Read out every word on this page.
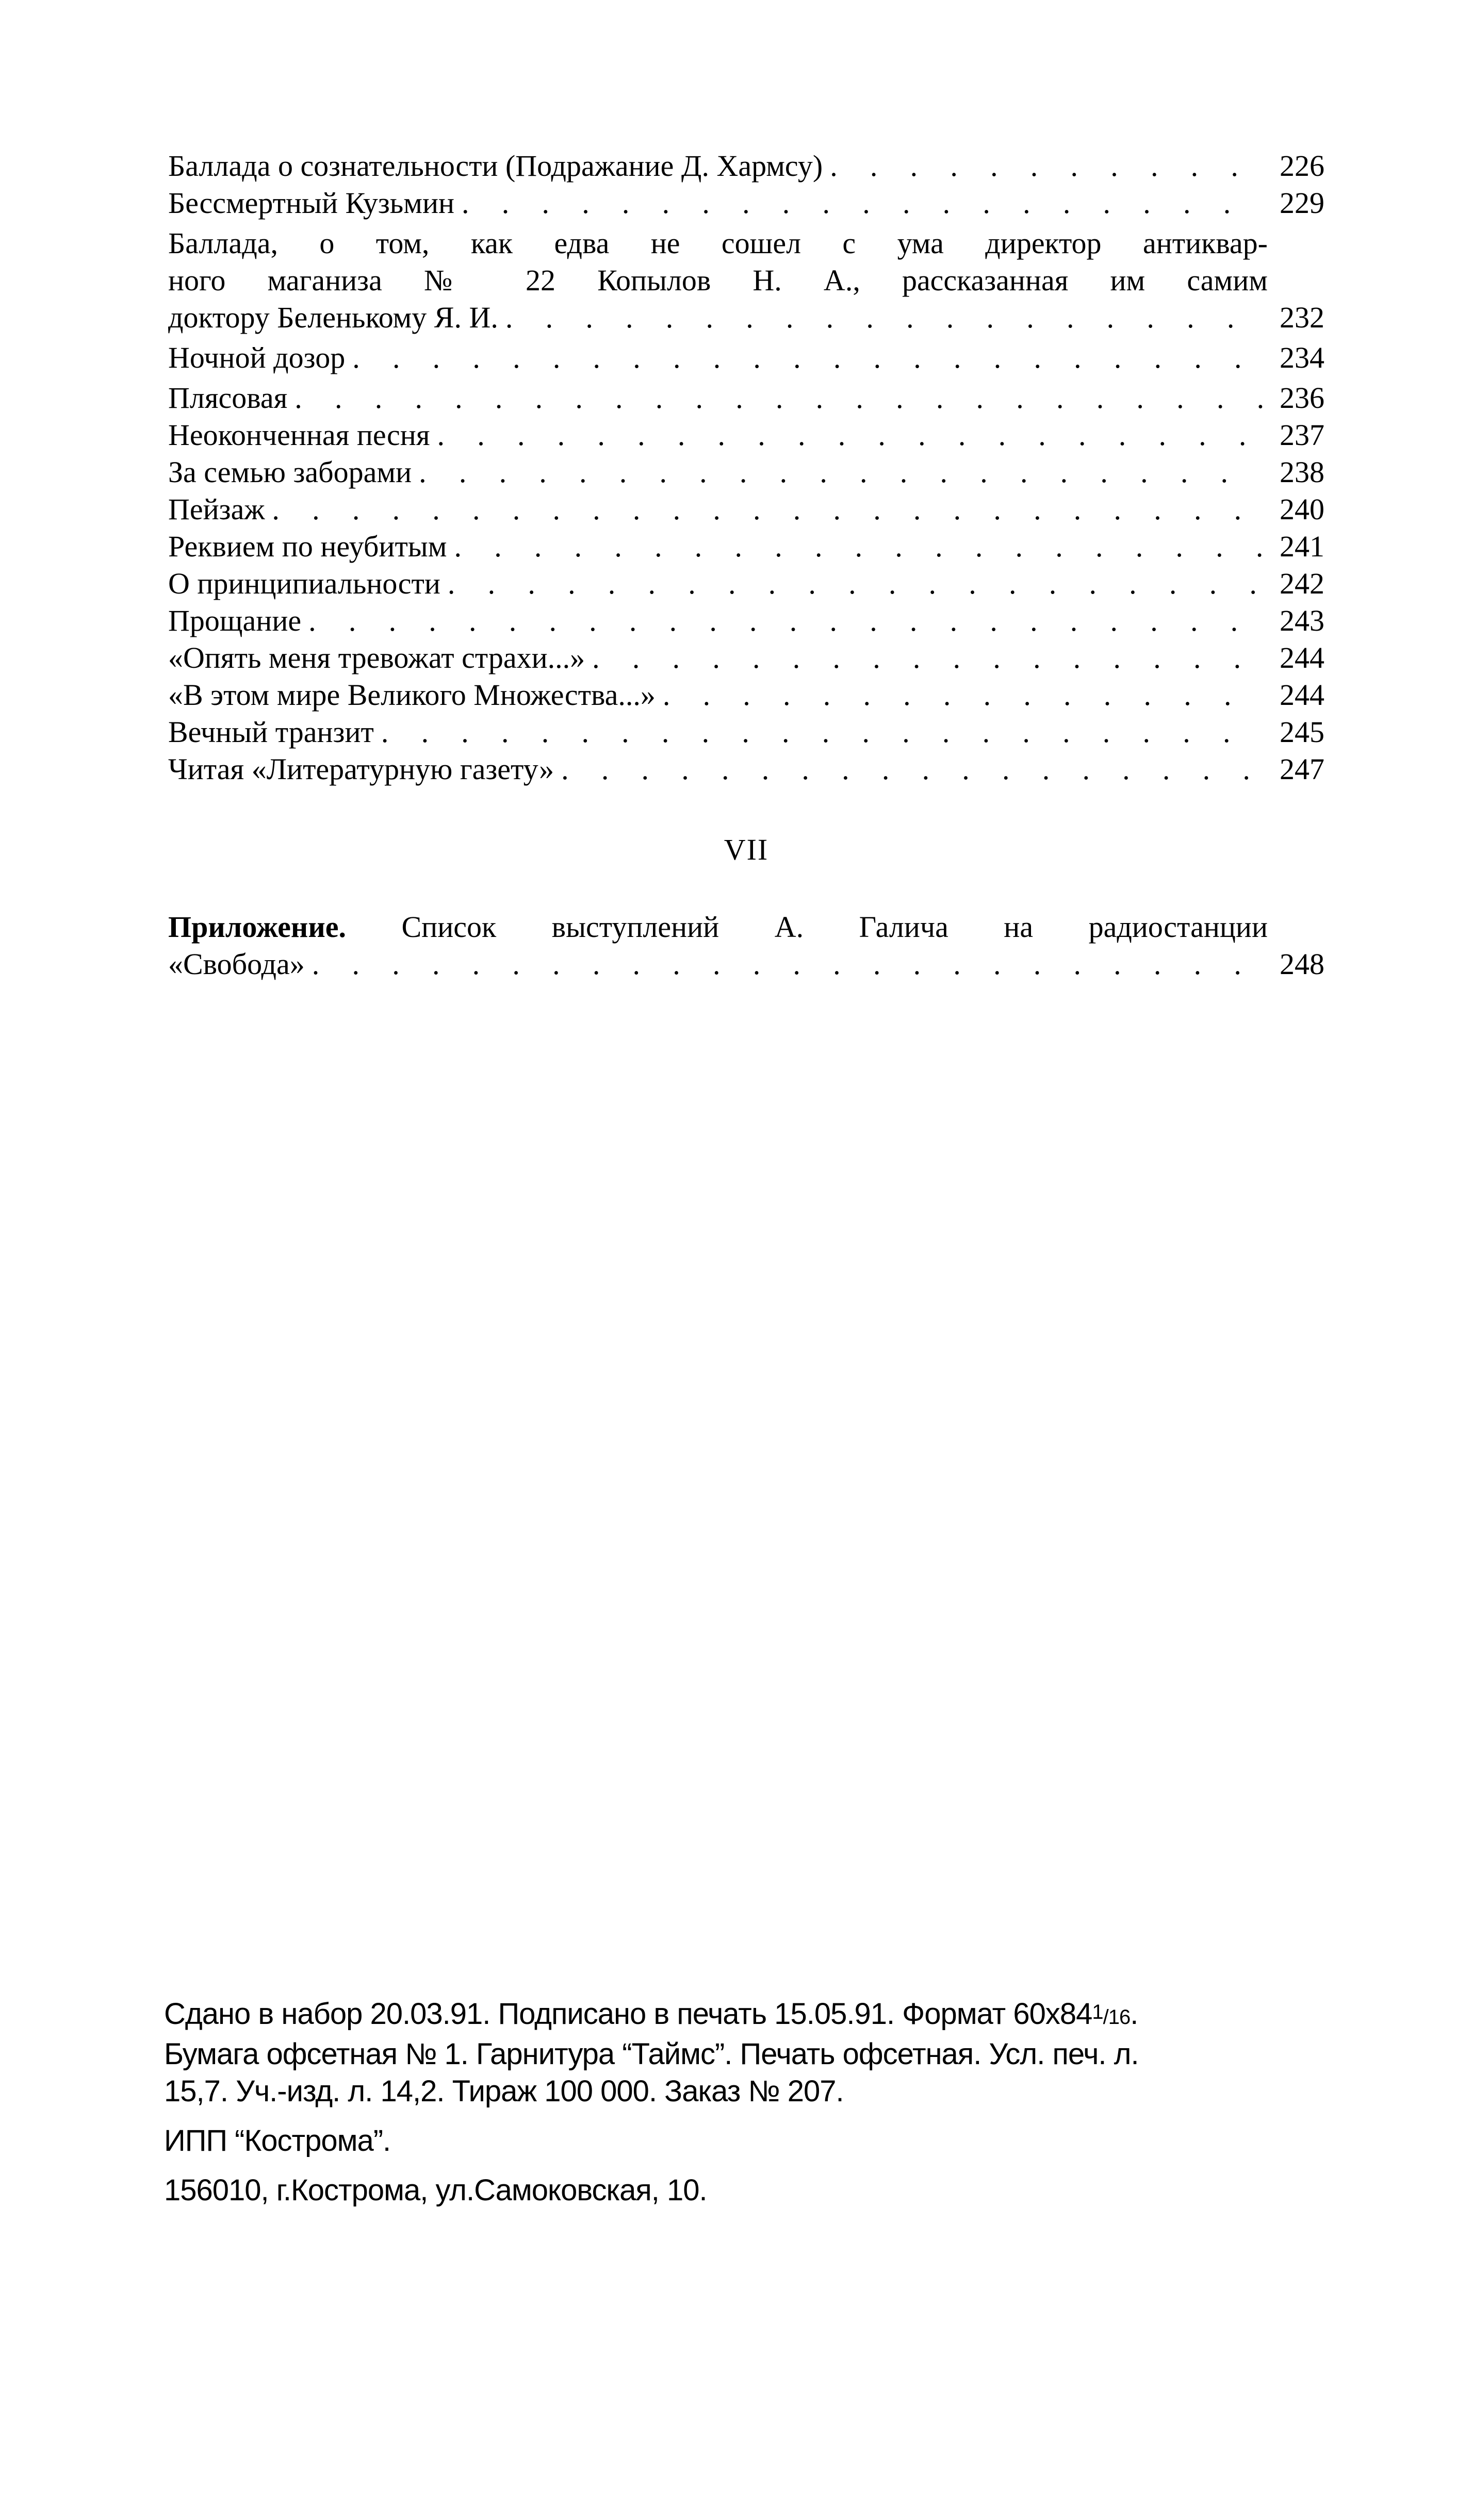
Баллада о сознательности (Подражание Д. Хармсу) . . .	226
Бессмертный Кузьмин . . .	229
Баллада, о том, как едва не сошел с ума директор антиквар-
ного маганиза № 22 Копылов Н. А., рассказанная им самим
доктору Беленькому Я. И. . . .	232
Ночной дозор . . .	234
Плясовая . . .	236
Неоконченная песня . . .	237
За семью заборами . . .	238
Пейзаж . . .	240
Реквием по неубитым . . .	241
О принципиальности . . .	242
Прощание . . .	243
«Опять меня тревожат страхи...» . . .	244
«В этом мире Великого Множества...» . . .	244
Вечный транзит . . .	245
Читая «Литературную газету» . . .	247
VII
Приложение. Список выступлений А. Галича на радиостанции
«Свобода» . . .	248
Сдано в набор 20.03.91. Подписано в печать 15.05.91. Формат $60x84^1/16$.
Бумага офсетная № 1. Гарнитура “Таймс”. Печать офсетная. Усл. печ. л.
15,7. Уч.-изд. л. 14,2. Тираж 100 000. Заказ № 207.
ИПП “Кострома”.
156010, г.Кострома, ул.Самоковская, 10.
